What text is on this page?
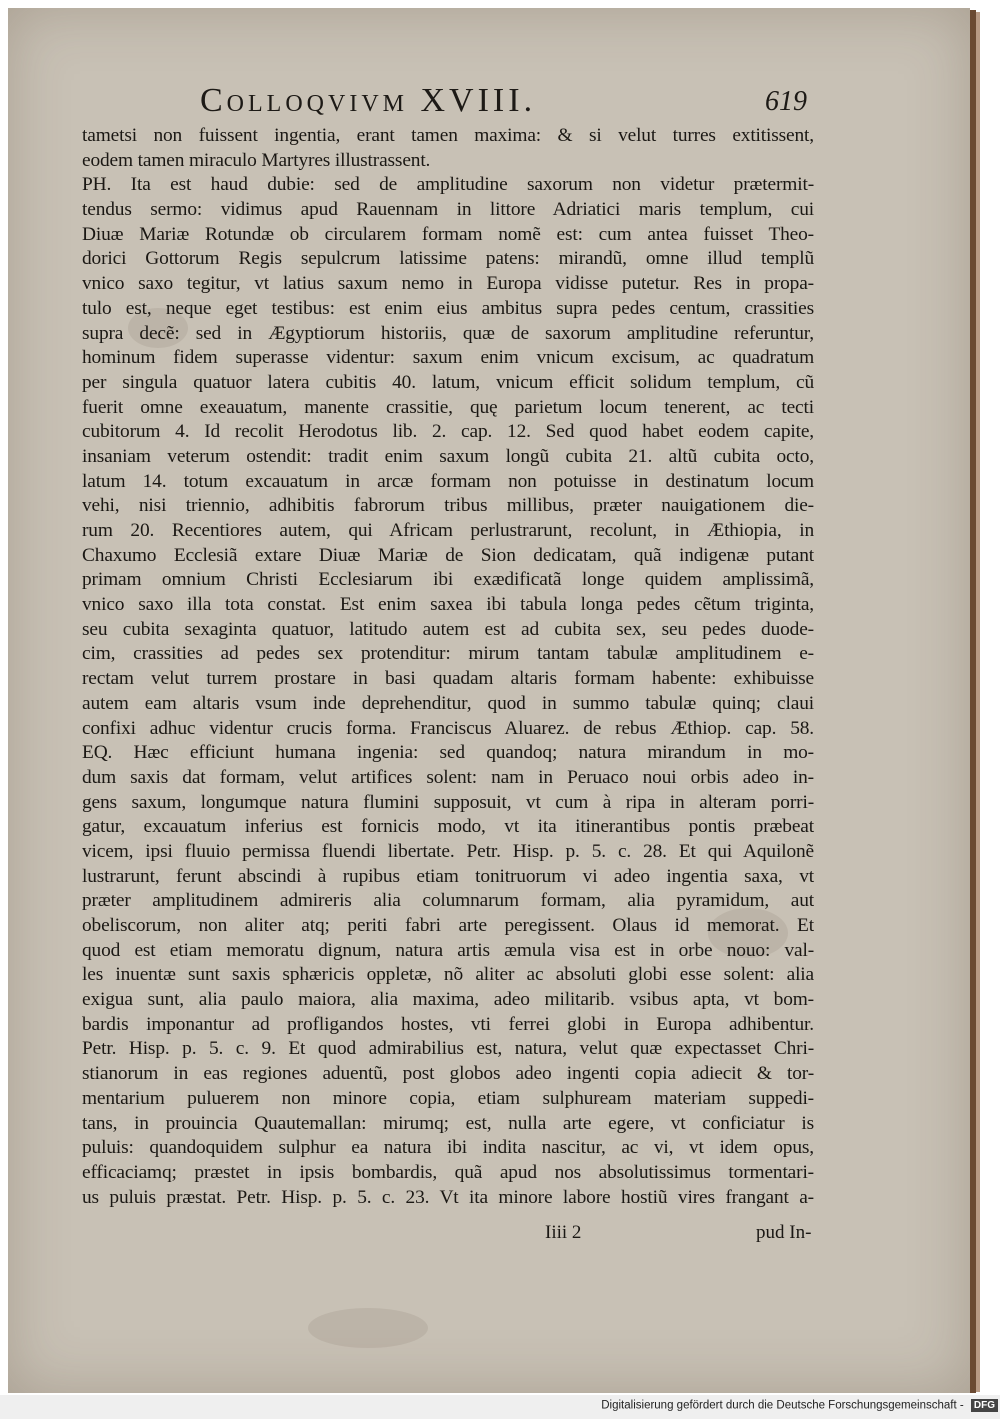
Colloqvivm XVIII.	619
tametsi non fuissent ingentia, erant tamen maxima: & si velut turres extitissent,
eodem tamen miraculo Martyres illustrassent.
PH. Ita est haud dubie: sed de amplitudine saxorum non videtur prætermit-
tendus sermo: vidimus apud Rauennam in littore Adriatici maris templum, cui
Diuæ Mariæ Rotundæ ob circularem formam nomẽ est: cum antea fuisset Theo-
dorici Gottorum Regis sepulcrum latissime patens: mirandũ, omne illud templũ
vnico saxo tegitur, vt latius saxum nemo in Europa vidisse putetur. Res in propa-
tulo est, neque eget testibus: est enim eius ambitus supra pedes centum, crassities
supra decẽ: sed in Ægyptiorum historiis, quæ de saxorum amplitudine referuntur,
hominum fidem superasse videntur: saxum enim vnicum excisum, ac quadratum
per singula quatuor latera cubitis 40. latum, vnicum efficit solidum templum, cũ
fuerit omne exeauatum, manente crassitie, quę parietum locum tenerent, ac tecti
cubitorum 4. Id recolit Herodotus lib. 2. cap. 12. Sed quod habet eodem capite,
insaniam veterum ostendit: tradit enim saxum longũ cubita 21. altũ cubita octo,
latum 14. totum excauatum in arcæ formam non potuisse in destinatum locum
vehi, nisi triennio, adhibitis fabrorum tribus millibus, præter nauigationem die-
rum 20. Recentiores autem, qui Africam perlustrarunt, recolunt, in Æthiopia, in
Chaxumo Ecclesiã extare Diuæ Mariæ de Sion dedicatam, quã indigenæ putant
primam omnium Christi Ecclesiarum ibi exædificatã longe quidem amplissimã,
vnico saxo illa tota constat. Est enim saxea ibi tabula longa pedes cẽtum triginta,
seu cubita sexaginta quatuor, latitudo autem est ad cubita sex, seu pedes duode-
cim, crassities ad pedes sex protenditur: mirum tantam tabulæ amplitudinem e-
rectam velut turrem prostare in basi quadam altaris formam habente: exhibuisse
autem eam altaris vsum inde deprehenditur, quod in summo tabulæ quinq; claui
confixi adhuc videntur crucis forma. Franciscus Aluarez. de rebus Æthiop. cap. 58.
EQ. Hæc efficiunt humana ingenia: sed quandoq; natura mirandum in mo-
dum saxis dat formam, velut artifices solent: nam in Peruaco noui orbis adeo in-
gens saxum, longumque natura flumini supposuit, vt cum à ripa in alteram porri-
gatur, excauatum inferius est fornicis modo, vt ita itinerantibus pontis præbeat
vicem, ipsi fluuio permissa fluendi libertate. Petr. Hisp. p. 5. c. 28. Et qui Aquilonẽ
lustrarunt, ferunt abscindi à rupibus etiam tonitruorum vi adeo ingentia saxa, vt
præter amplitudinem admireris alia columnarum formam, alia pyramidum, aut
obeliscorum, non aliter atq; periti fabri arte peregissent. Olaus id memorat. Et
quod est etiam memoratu dignum, natura artis æmula visa est in orbe nouo: val-
les inuentæ sunt saxis sphæricis oppletæ, nõ aliter ac absoluti globi esse solent: alia
exigua sunt, alia paulo maiora, alia maxima, adeo militarib. vsibus apta, vt bom-
bardis imponantur ad profligandos hostes, vti ferrei globi in Europa adhibentur.
Petr. Hisp. p. 5. c. 9. Et quod admirabilius est, natura, velut quæ expectasset Chri-
stianorum in eas regiones aduentũ, post globos adeo ingenti copia adiecit & tor-
mentarium puluerem non minore copia, etiam sulphuream materiam suppedi-
tans, in prouincia Quautemallan: mirumq; est, nulla arte egere, vt conficiatur is
puluis: quandoquidem sulphur ea natura ibi indita nascitur, ac vi, vt idem opus,
efficaciamq; præstet in ipsis bombardis, quã apud nos absolutissimus tormentari-
us puluis præstat. Petr. Hisp. p. 5. c. 23. Vt ita minore labore hostiũ vires frangant a-
Iiii 2	pud In-
Digitalisierung gefördert durch die Deutsche Forschungsgemeinschaft - DFG
